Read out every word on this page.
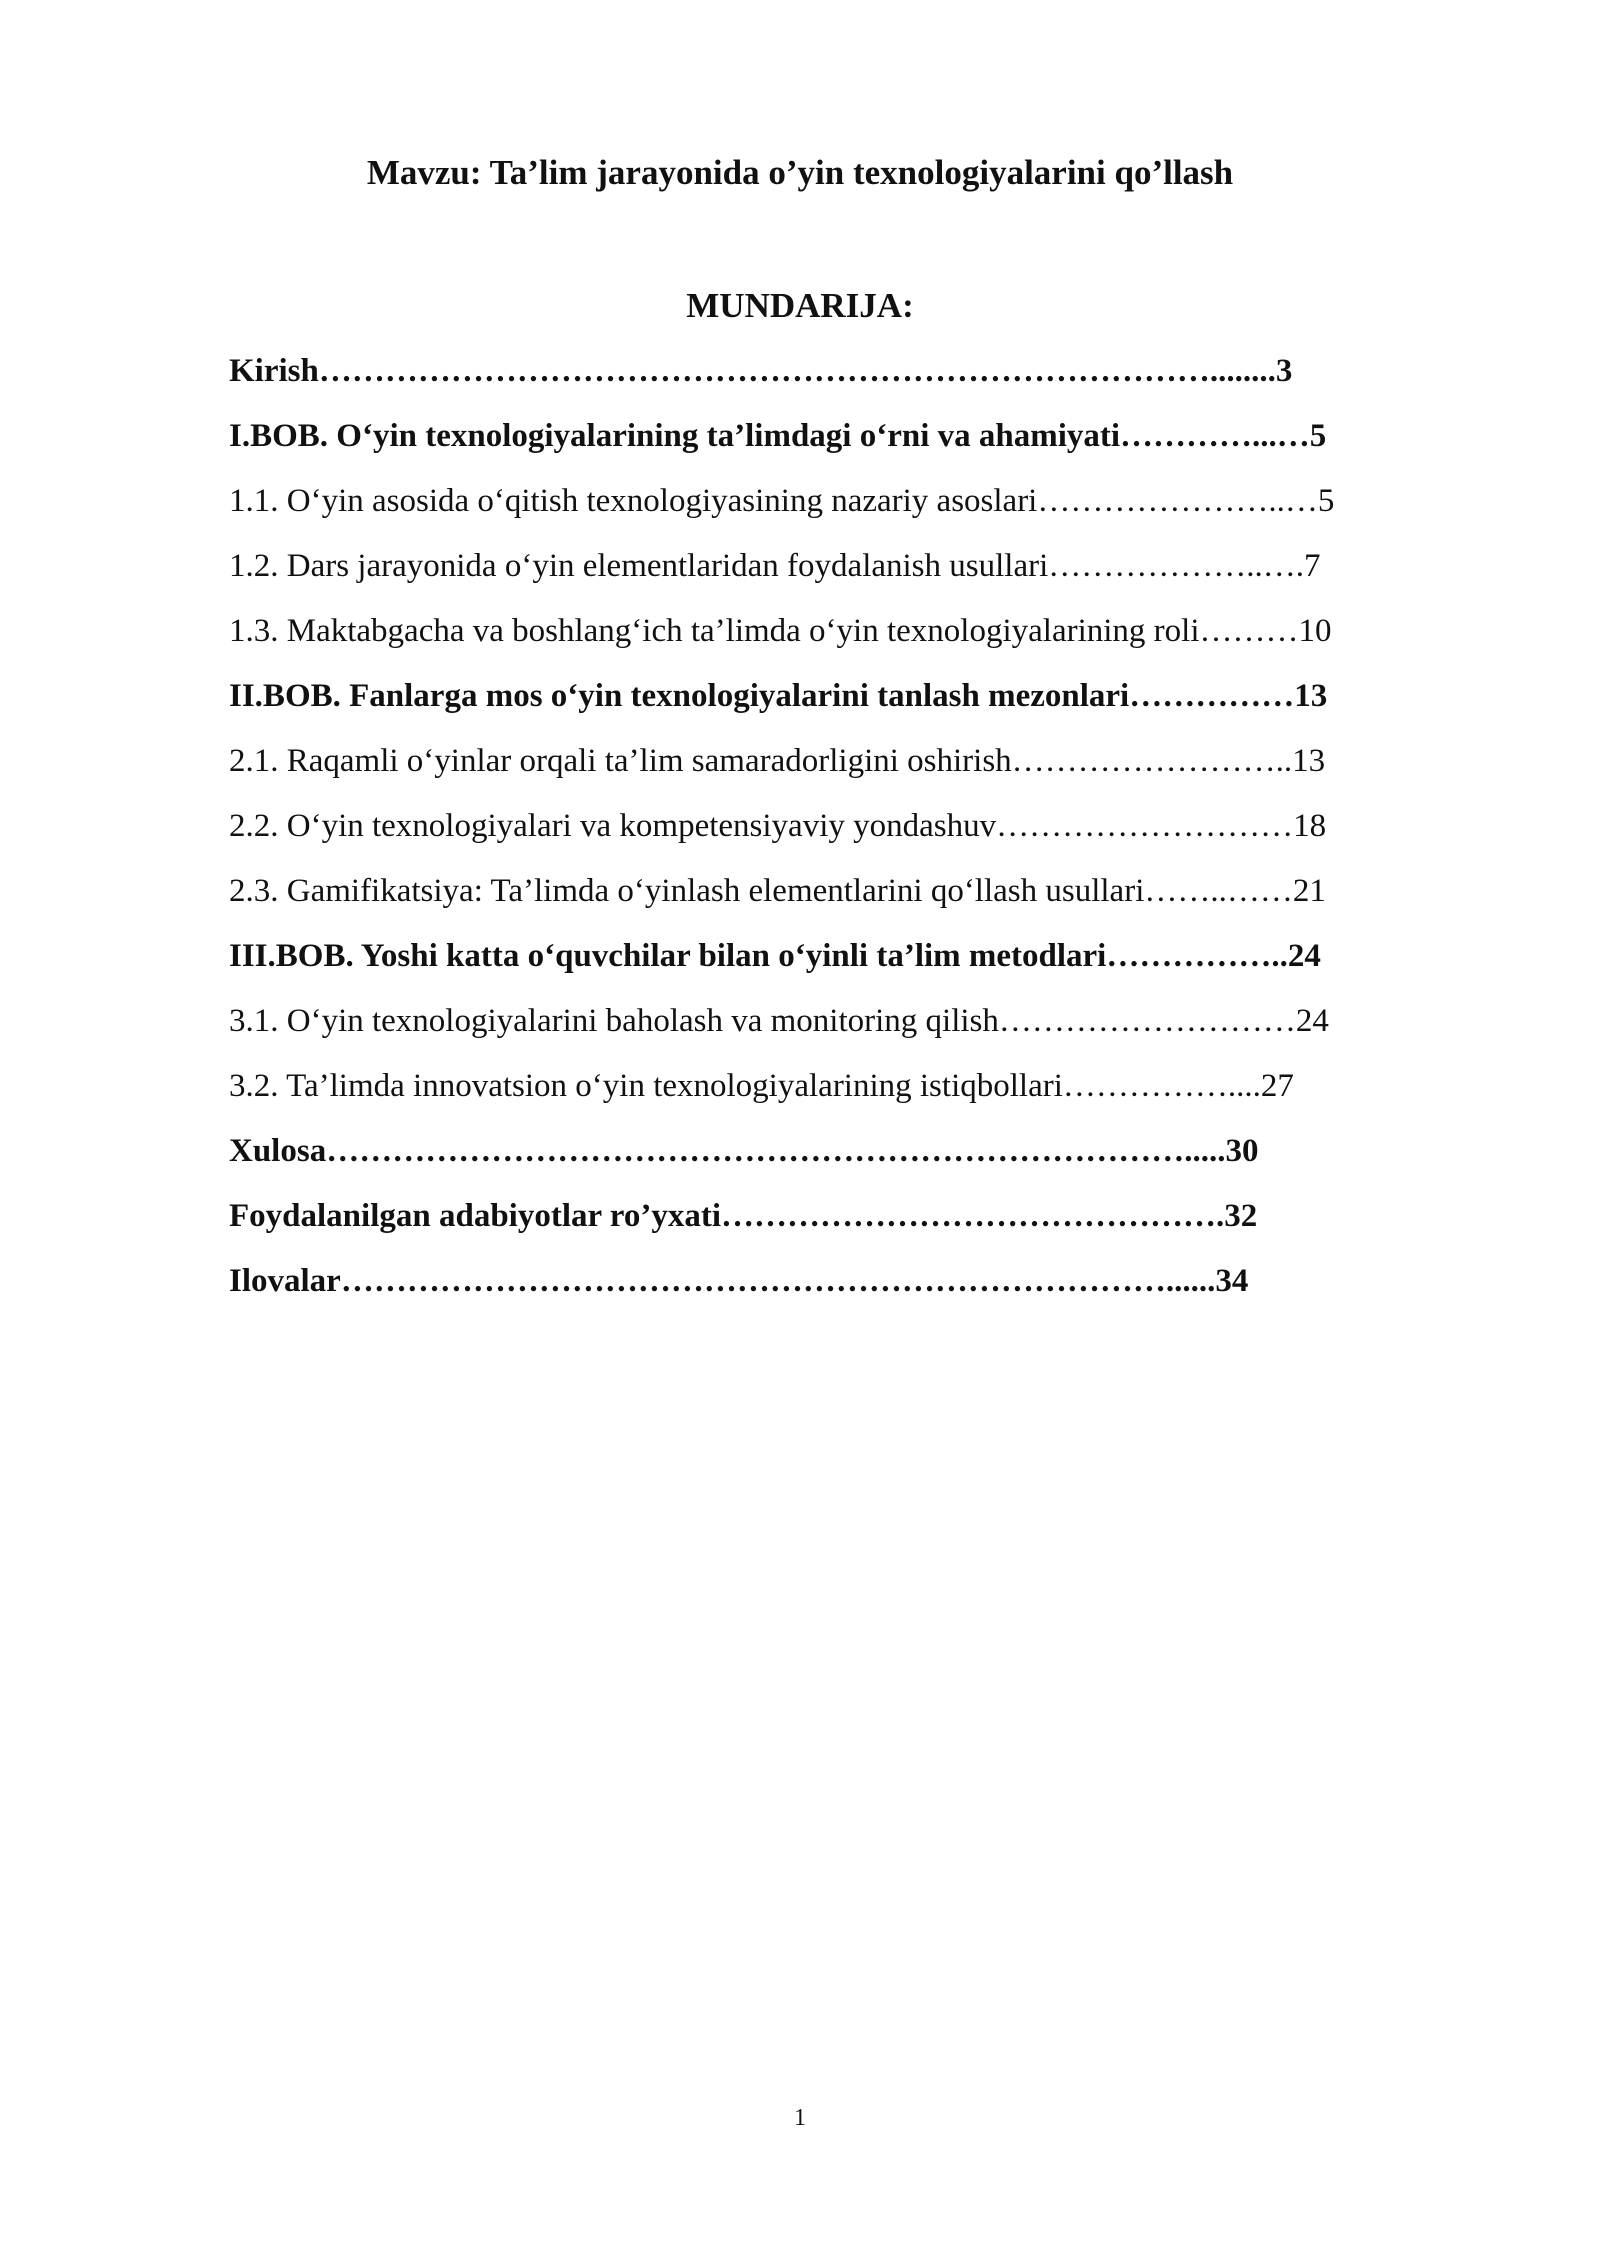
Mavzu: Ta’lim jarayonida o’yin texnologiyalarini qo’llash
MUNDARIJA:
Kirish………………………………………………………………………........3
I.BOB. O‘yin texnologiyalarining ta’limdagi o‘rni va ahamiyati…………...…5
1.1. O‘yin asosida o‘qitish texnologiyasining nazariy asoslari…………………..…5
1.2. Dars jarayonida o‘yin elementlaridan foydalanish usullari………………..….7
1.3. Maktabgacha va boshlang‘ich ta’limda o‘yin texnologiyalarining roli………10
II.BOB. Fanlarga mos o‘yin texnologiyalarini tanlash mezonlari……………13
2.1. Raqamli o‘yinlar orqali ta’lim samaradorligini oshirish……………………..13
2.2. O‘yin texnologiyalari va kompetensiyaviy yondashuv………………………18
2.3. Gamifikatsiya: Ta’limda o‘yinlash elementlarini qo‘llash usullari……..……21
III.BOB. Yoshi katta o‘quvchilar bilan o‘yinli ta’lim metodlari……………..24
3.1. O‘yin texnologiyalarini baholash va monitoring qilish………………………24
3.2. Ta’limda innovatsion o‘yin texnologiyalarining istiqbollari……………....27
Xulosa…………………………………………………………………….....30
Foydalanilgan adabiyotlar ro’yxati……………………………………….32
Ilovalar…………………………………………………………………......34
1
